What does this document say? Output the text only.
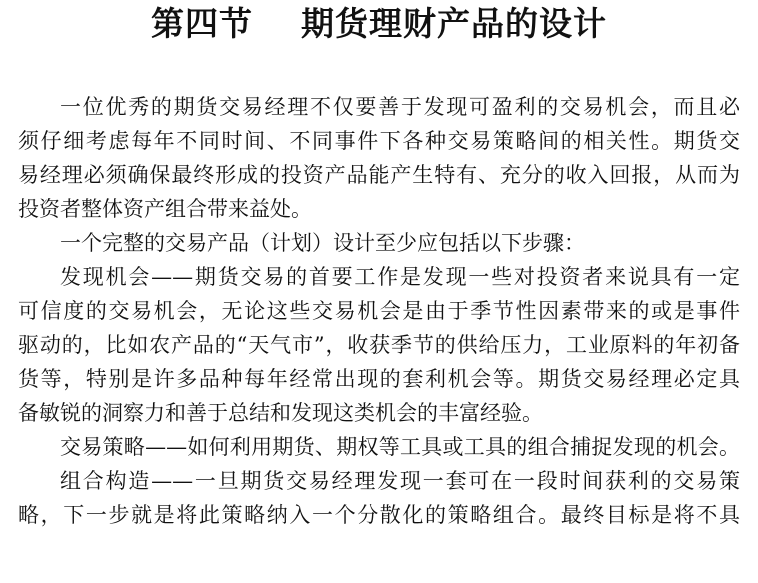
第四节 期货理财产品的设计
一位优秀的期货交易经理不仅要善于发现可盈利的交易机会，而且必
须仔细考虑每年不同时间、不同事件下各种交易策略间的相关性。期货交
易经理必须确保最终形成的投资产品能产生特有、充分的收入回报，从而为
投资者整体资产组合带来益处。
一个完整的交易产品（计划）设计至少应包括以下步骤：
发现机会——期货交易的首要工作是发现一些对投资者来说具有一定
可信度的交易机会，无论这些交易机会是由于季节性因素带来的或是事件
驱动的，比如农产品的“天气市”，收获季节的供给压力，工业原料的年初备
货等，特别是许多品种每年经常出现的套利机会等。期货交易经理必定具
备敏锐的洞察力和善于总结和发现这类机会的丰富经验。
交易策略——如何利用期货、期权等工具或工具的组合捕捉发现的机会。
组合构造——一旦期货交易经理发现一套可在一段时间获利的交易策
略，下一步就是将此策略纳入一个分散化的策略组合。最终目标是将不具
